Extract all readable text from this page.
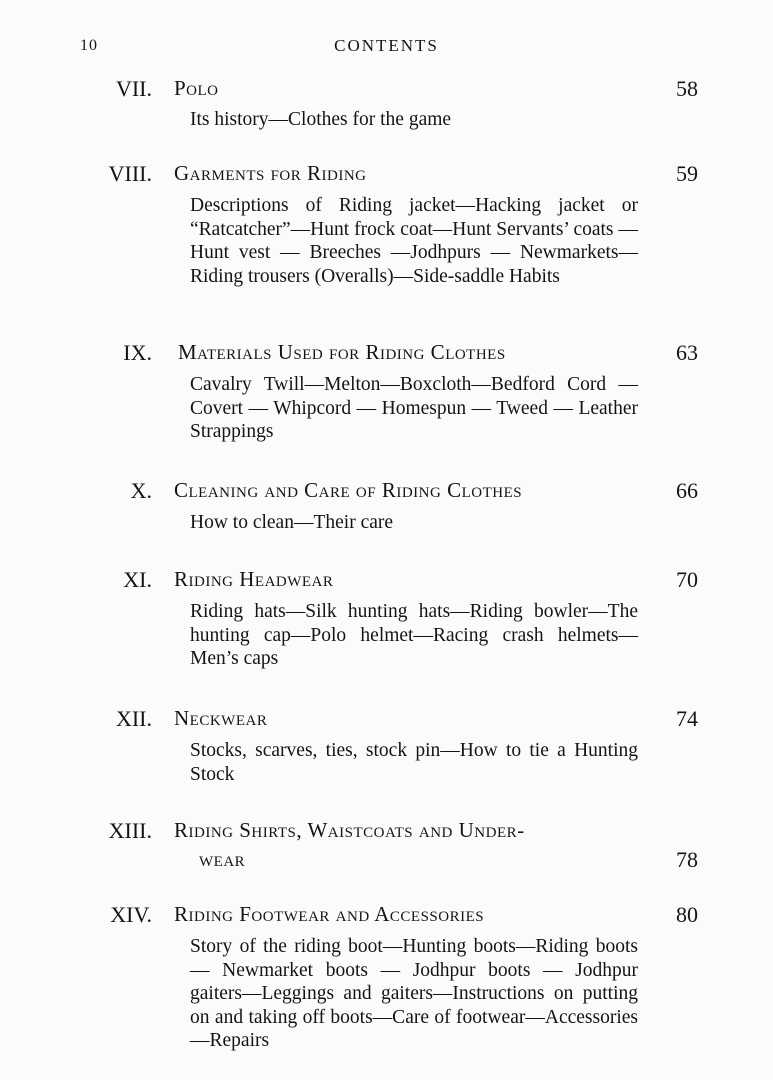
10	CONTENTS
VII. Polo	58
Its history—Clothes for the game
VIII. Garments for Riding	59
Descriptions of Riding jacket—Hacking jacket or “Ratcatcher”—Hunt frock coat—Hunt Servants’ coats — Hunt vest — Breeches —Jodhpurs — Newmarkets—Riding trousers (Overalls)—Side-saddle Habits
IX. Materials Used for Riding Clothes	63
Cavalry Twill—Melton—Boxcloth—Bedford Cord — Covert — Whipcord — Homespun — Tweed — Leather Strappings
X. Cleaning and Care of Riding Clothes	66
How to clean—Their care
XI. Riding Headwear	70
Riding hats—Silk hunting hats—Riding bowler—The hunting cap—Polo helmet—Racing crash helmets—Men’s caps
XII. Neckwear	74
Stocks, scarves, ties, stock pin—How to tie a Hunting Stock
XIII. Riding Shirts, Waistcoats and Under-
wear	78
XIV. Riding Footwear and Accessories	80
Story of the riding boot—Hunting boots—Riding boots — Newmarket boots — Jodhpur boots — Jodhpur gaiters—Leggings and gaiters—Instructions on putting on and taking off boots—Care of footwear—Accessories—Repairs
